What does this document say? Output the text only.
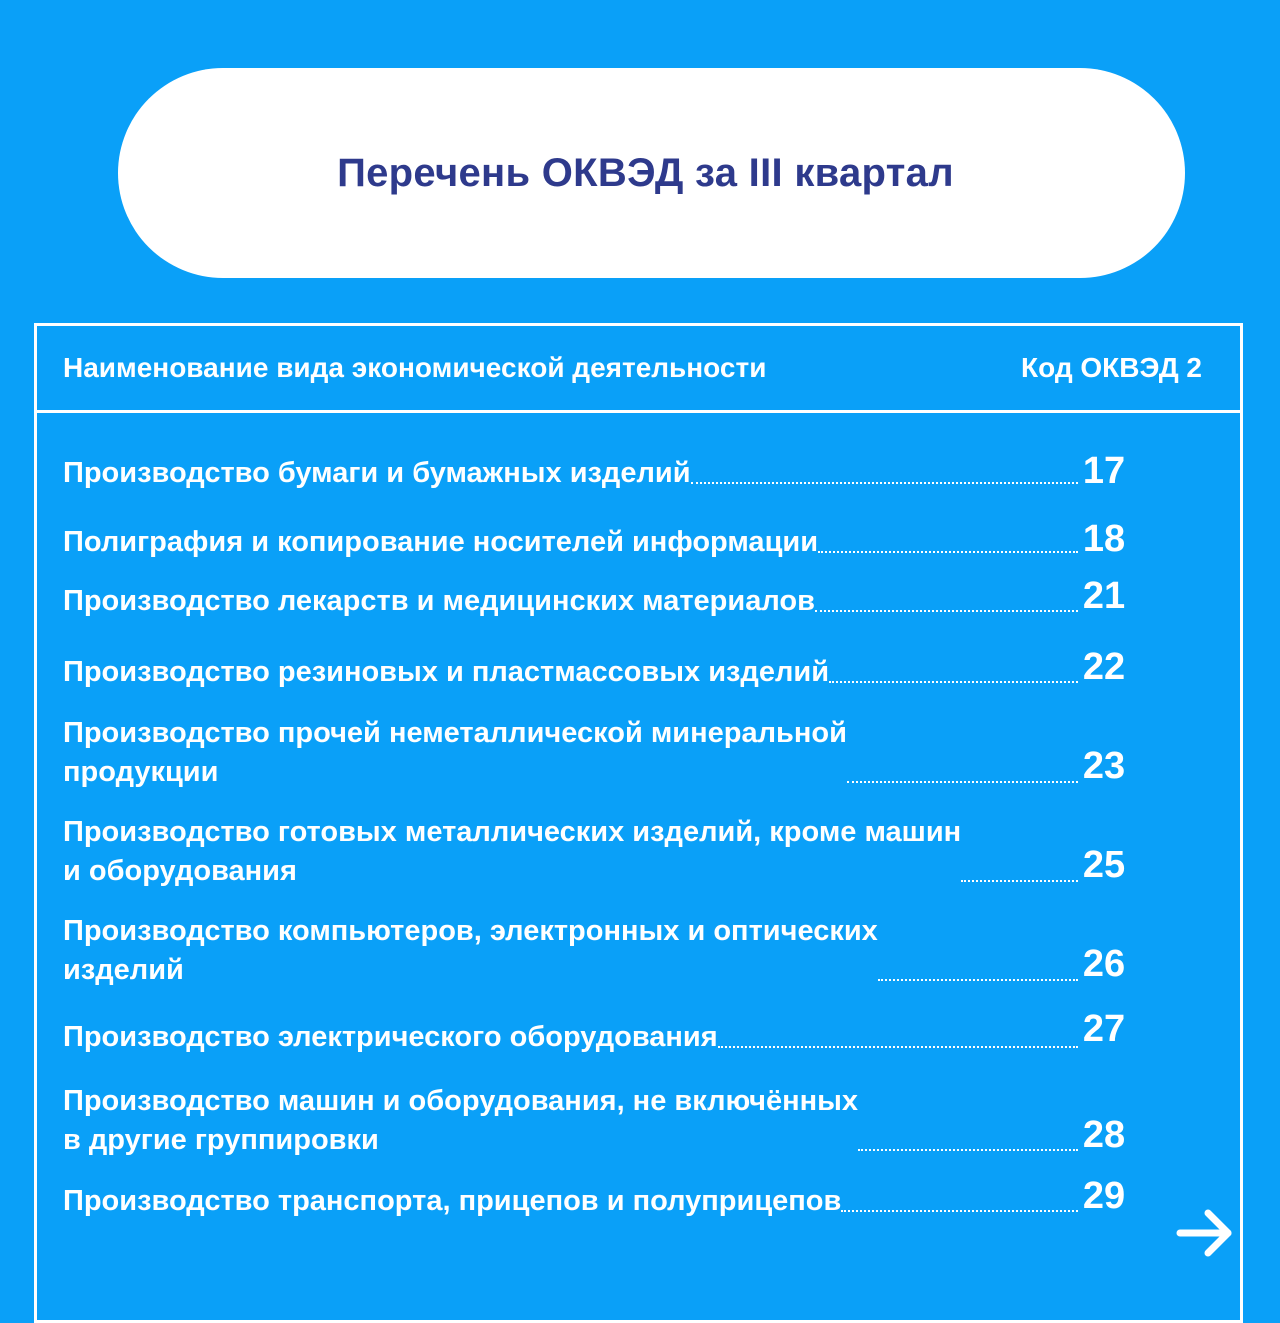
Перечень ОКВЭД за III квартал
Наименование вида экономической деятельности	Код ОКВЭД 2
Производство бумаги и бумажных изделий	17
Полиграфия и копирование носителей информации	18
Производство лекарств и медицинских материалов	21
Производство резиновых и пластмассовых изделий	22
Производство прочей неметаллической минеральной
продукции	23
Производство готовых металлических изделий, кроме машин
и оборудования	25
Производство компьютеров, электронных и оптических
изделий	26
Производство электрического оборудования	27
Производство машин и оборудования, не включённых
в другие группировки	28
Производство транспорта, прицепов и полуприцепов	29
